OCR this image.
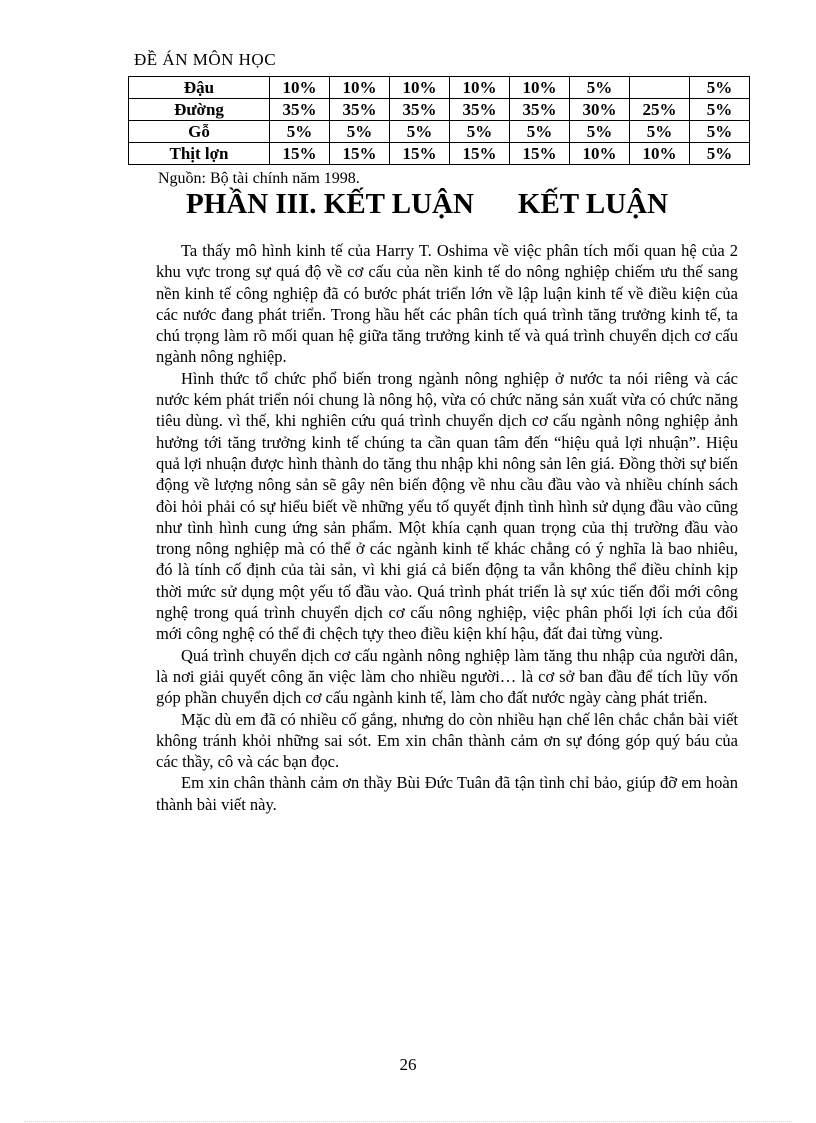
ĐỀ ÁN MÔN HỌC
Đậu	10%	10%	10%	10%	10%	5%		5%
Đường	35%	35%	35%	35%	35%	30%	25%	5%
Gỗ	5%	5%	5%	5%	5%	5%	5%	5%
Thịt lợn	15%	15%	15%	15%	15%	10%	10%	5%

Nguồn: Bộ tài chính năm 1998.

PHẦN III. KẾT LUẬN KẾT LUẬN

Ta thấy mô hình kinh tế của Harry T. Oshima về việc phân tích mối quan hệ của 2 khu vực trong sự quá độ về cơ cấu của nền kinh tế do nông nghiệp chiếm ưu thế sang nền kinh tế công nghiệp đã có bước phát triển lớn về lập luận kinh tế về điều kiện của các nước đang phát triển. Trong hầu hết các phân tích quá trình tăng trưởng kinh tế, ta chú trọng làm rõ mối quan hệ giữa tăng trưởng kinh tế và quá trình chuyển dịch cơ cấu ngành nông nghiệp.

Hình thức tổ chức phổ biến trong ngành nông nghiệp ở nước ta nói riêng và các nước kém phát triển nói chung là nông hộ, vừa có chức năng sản xuất vừa có chức năng tiêu dùng. vì thế, khi nghiên cứu quá trình chuyển dịch cơ cấu ngành nông nghiệp ảnh hưởng tới tăng trưởng kinh tế chúng ta cần quan tâm đến “hiệu quả lợi nhuận”. Hiệu quả lợi nhuận được hình thành do tăng thu nhập khi nông sản lên giá. Đồng thời sự biến động về lượng nông sản sẽ gây nên biến động về nhu cầu đầu vào và nhiều chính sách đòi hỏi phải có sự hiểu biết về những yếu tố quyết định tình hình sử dụng đầu vào cũng như tình hình cung ứng sản phẩm. Một khía cạnh quan trọng của thị trường đầu vào trong nông nghiệp mà có thể ở các ngành kinh tế khác chẳng có ý nghĩa là bao nhiêu, đó là tính cố định của tài sản, vì khi giá cả biến động ta vẫn không thể điều chỉnh kịp thời mức sử dụng một yếu tố đầu vào. Quá trình phát triển là sự xúc tiến đổi mới công nghệ trong quá trình chuyển dịch cơ cấu nông nghiệp, việc phân phối lợi ích của đổi mới công nghệ có thể đi chệch tựy theo điều kiện khí hậu, đất đai từng vùng.

Quá trình chuyển dịch cơ cấu ngành nông nghiệp làm tăng thu nhập của người dân, là nơi giải quyết công ăn việc làm cho nhiều người… là cơ sở ban đầu để tích lũy vốn góp phần chuyển dịch cơ cấu ngành kinh tế, làm cho đất nước ngày càng phát triển.

Mặc dù em đã có nhiều cố gắng, nhưng do còn nhiều hạn chế lên chắc chắn bài viết không tránh khỏi những sai sót. Em xin chân thành cảm ơn sự đóng góp quý báu của các thầy, cô và các bạn đọc.

Em xin chân thành cảm ơn thầy Bùi Đức Tuân đã tận tình chỉ bảo, giúp đỡ em hoàn thành bài viết này.

26
